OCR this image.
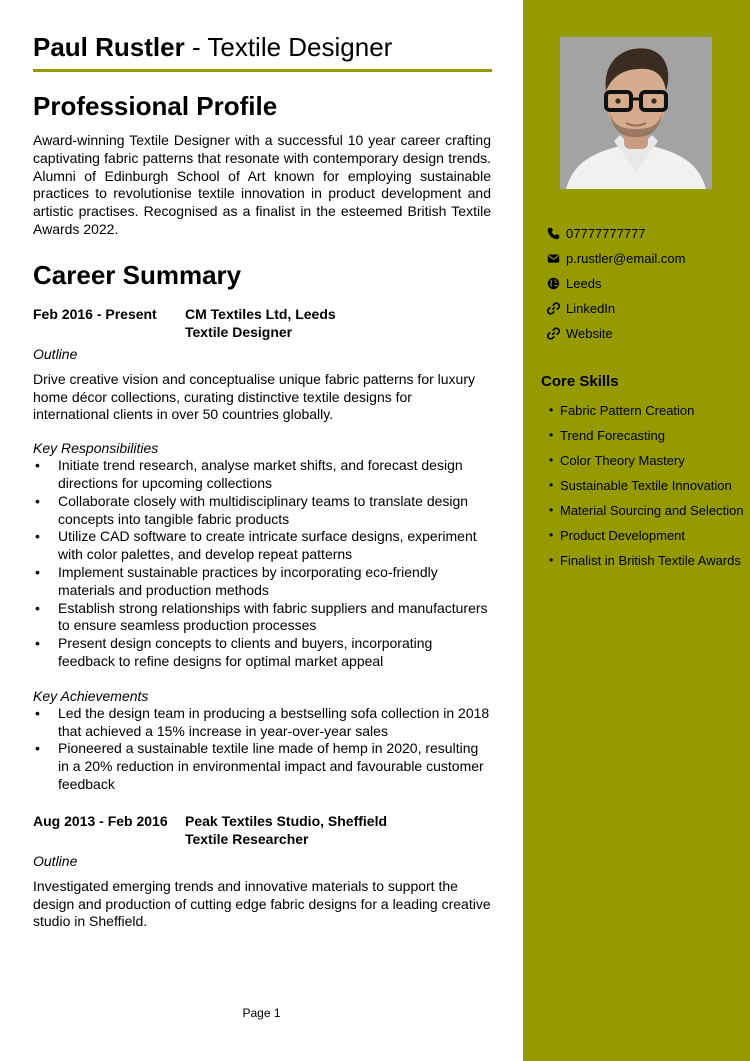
Paul Rustler - Textile Designer

Professional Profile

Award-winning Textile Designer with a successful 10 year career crafting captivating fabric patterns that resonate with contemporary design trends. Alumni of Edinburgh School of Art known for employing sustainable practices to revolutionise textile innovation in product development and artistic practises. Recognised as a finalist in the esteemed British Textile Awards 2022.

Career Summary
Feb 2016 - Present	CM Textiles Ltd, Leeds
Textile Designer
Outline

Drive creative vision and conceptualise unique fabric patterns for luxury home décor collections, curating distinctive textile designs for international clients in over 50 countries globally.

Key Responsibilities
• Initiate trend research, analyse market shifts, and forecast design directions for upcoming collections
• Collaborate closely with multidisciplinary teams to translate design concepts into tangible fabric products
• Utilize CAD software to create intricate surface designs, experiment with color palettes, and develop repeat patterns
• Implement sustainable practices by incorporating eco-friendly materials and production methods
• Establish strong relationships with fabric suppliers and manufacturers to ensure seamless production processes
• Present design concepts to clients and buyers, incorporating feedback to refine designs for optimal market appeal
Key Achievements
• Led the design team in producing a bestselling sofa collection in 2018 that achieved a 15% increase in year-over-year sales
• Pioneered a sustainable textile line made of hemp in 2020, resulting in a 20% reduction in environmental impact and favourable customer feedback
Aug 2013 - Feb 2016	Peak Textiles Studio, Sheffield
Textile Researcher
Outline

Investigated emerging trends and innovative materials to support the design and production of cutting edge fabric designs for a leading creative studio in Sheffield.

Page 1
07777777777
p.rustler@email.com
Leeds
LinkedIn
Website
Core Skills
• Fabric Pattern Creation
• Trend Forecasting
• Color Theory Mastery
• Sustainable Textile Innovation
• Material Sourcing and Selection
• Product Development
• Finalist in British Textile Awards
